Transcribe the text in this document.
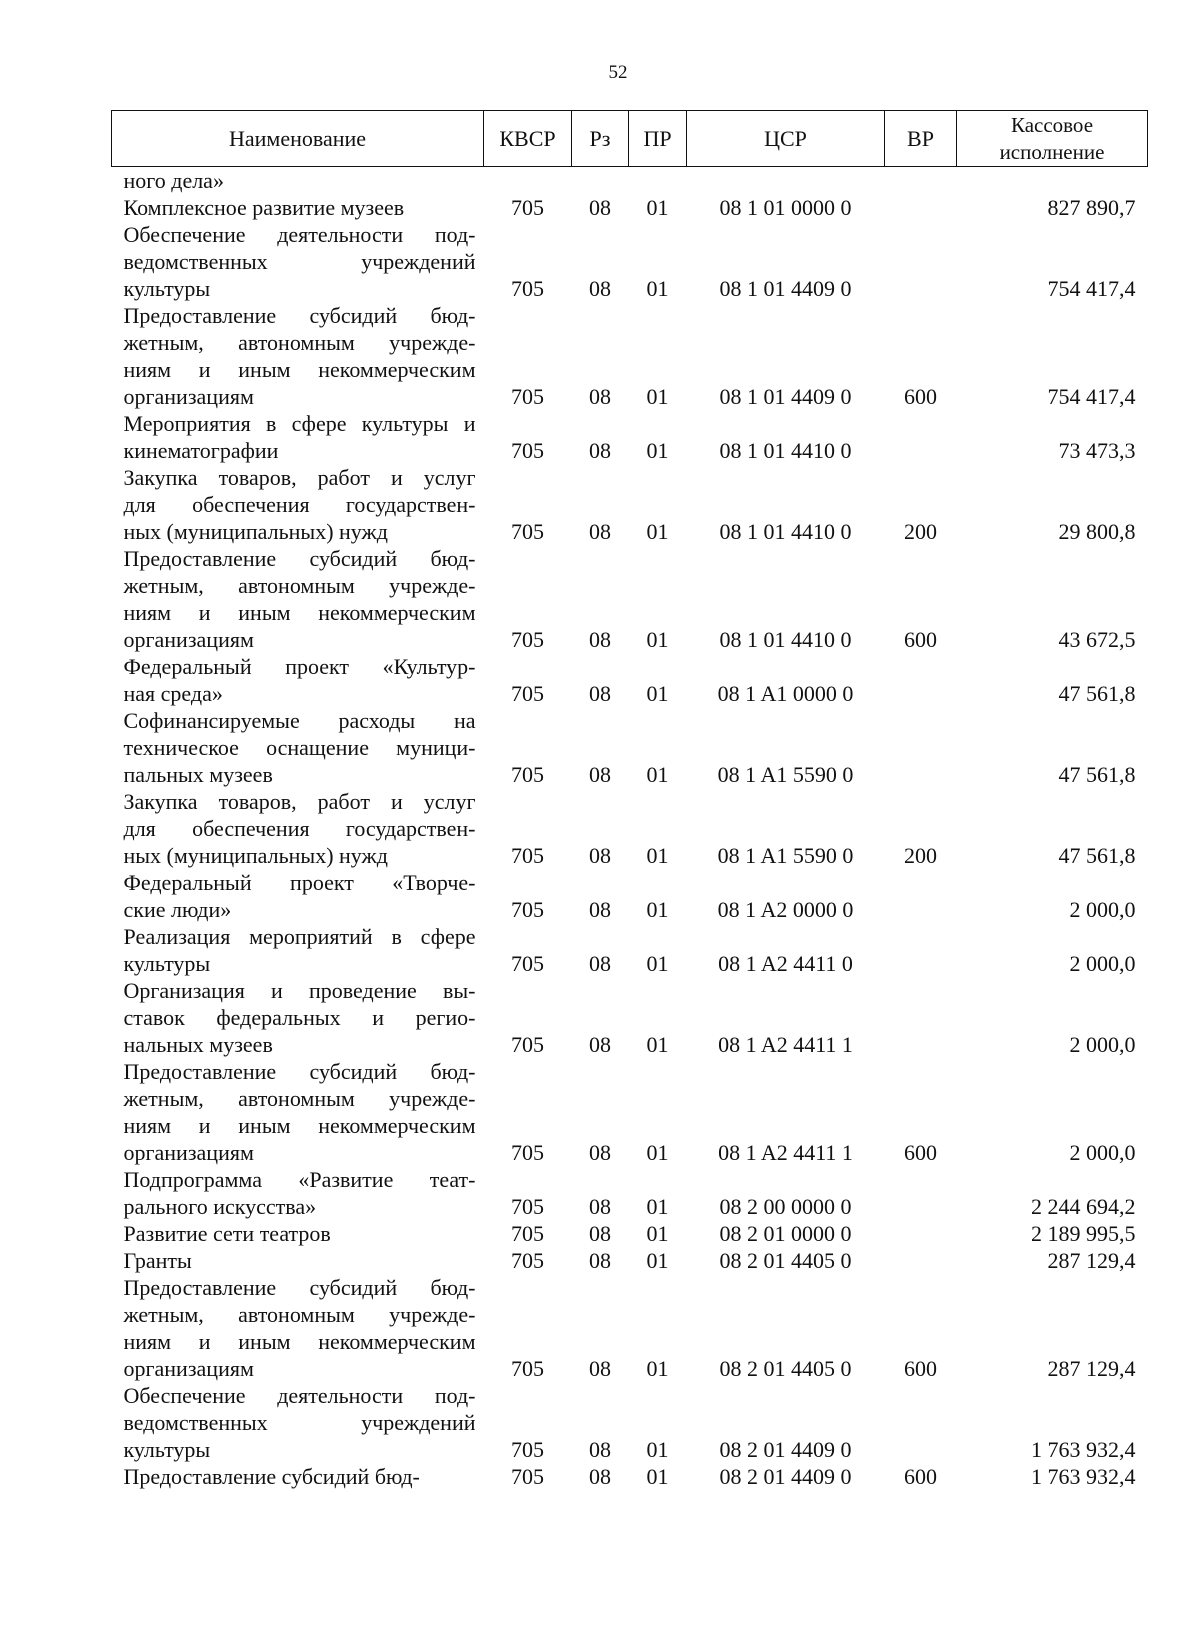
52
Наименование	КВСР	Рз	ПР	ЦСР	ВР	Кассовое
исполнение

ного дела»						

Комплексное развитие музеев	705	08	01	08 1 01 0000 0		827 890,7

Обеспечение деятельности под-
ведомственных учреждений
культуры	705	08	01	08 1 01 4409 0		754 417,4

Предоставление субсидий бюд-
жетным, автономным учрежде-
ниям и иным некоммерческим
организациям	705	08	01	08 1 01 4409 0	600	754 417,4

Мероприятия в сфере культуры и
кинематографии	705	08	01	08 1 01 4410 0		73 473,3

Закупка товаров, работ и услуг
для обеспечения государствен-
ных (муниципальных) нужд	705	08	01	08 1 01 4410 0	200	29 800,8

Предоставление субсидий бюд-
жетным, автономным учрежде-
ниям и иным некоммерческим
организациям	705	08	01	08 1 01 4410 0	600	43 672,5

Федеральный проект «Культур-
ная среда»	705	08	01	08 1 A1 0000 0		47 561,8

Софинансируемые расходы на
техническое оснащение муници-
пальных музеев	705	08	01	08 1 A1 5590 0		47 561,8

Закупка товаров, работ и услуг
для обеспечения государствен-
ных (муниципальных) нужд	705	08	01	08 1 A1 5590 0	200	47 561,8

Федеральный проект «Творче-
ские люди»	705	08	01	08 1 A2 0000 0		2 000,0

Реализация мероприятий в сфере
культуры	705	08	01	08 1 A2 4411 0		2 000,0

Организация и проведение вы-
ставок федеральных и регио-
нальных музеев	705	08	01	08 1 A2 4411 1		2 000,0

Предоставление субсидий бюд-
жетным, автономным учрежде-
ниям и иным некоммерческим
организациям	705	08	01	08 1 A2 4411 1	600	2 000,0

Подпрограмма «Развитие теат-
рального искусства»	705	08	01	08 2 00 0000 0		2 244 694,2

Развитие сети театров	705	08	01	08 2 01 0000 0		2 189 995,5

Гранты	705	08	01	08 2 01 4405 0		287 129,4

Предоставление субсидий бюд-
жетным, автономным учрежде-
ниям и иным некоммерческим
организациям	705	08	01	08 2 01 4405 0	600	287 129,4

Обеспечение деятельности под-
ведомственных учреждений
культуры	705	08	01	08 2 01 4409 0		1 763 932,4

Предоставление субсидий бюд-	705	08	01	08 2 01 4409 0	600	1 763 932,4
